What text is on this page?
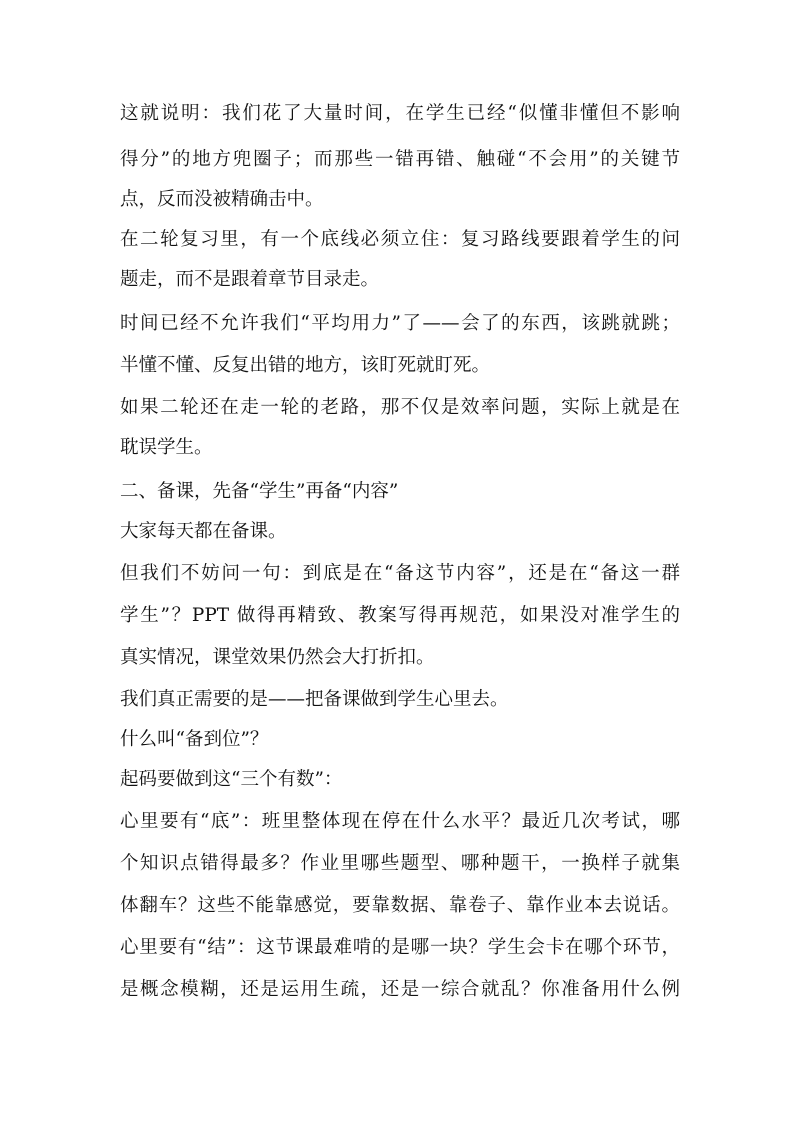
这就说明：我们花了大量时间，在学生已经“似懂非懂但不影响
得分”的地方兜圈子；而那些一错再错、触碰“不会用”的关键节
点，反而没被精确击中。
在二轮复习里，有一个底线必须立住：复习路线要跟着学生的问
题走，而不是跟着章节目录走。
时间已经不允许我们“平均用力”了——会了的东西，该跳就跳；
半懂不懂、反复出错的地方，该盯死就盯死。
如果二轮还在走一轮的老路，那不仅是效率问题，实际上就是在
耽误学生。
二、备课，先备“学生”再备“内容”
大家每天都在备课。
但我们不妨问一句：到底是在“备这节内容”，还是在“备这一群
学生”？PPT 做得再精致、教案写得再规范，如果没对准学生的
真实情况，课堂效果仍然会大打折扣。
我们真正需要的是——把备课做到学生心里去。
什么叫“备到位”？
起码要做到这“三个有数”：
心里要有“底”：班里整体现在停在什么水平？最近几次考试，哪
个知识点错得最多？作业里哪些题型、哪种题干，一换样子就集
体翻车？这些不能靠感觉，要靠数据、靠卷子、靠作业本去说话。
心里要有“结”：这节课最难啃的是哪一块？学生会卡在哪个环节，
是概念模糊，还是运用生疏，还是一综合就乱？你准备用什么例
